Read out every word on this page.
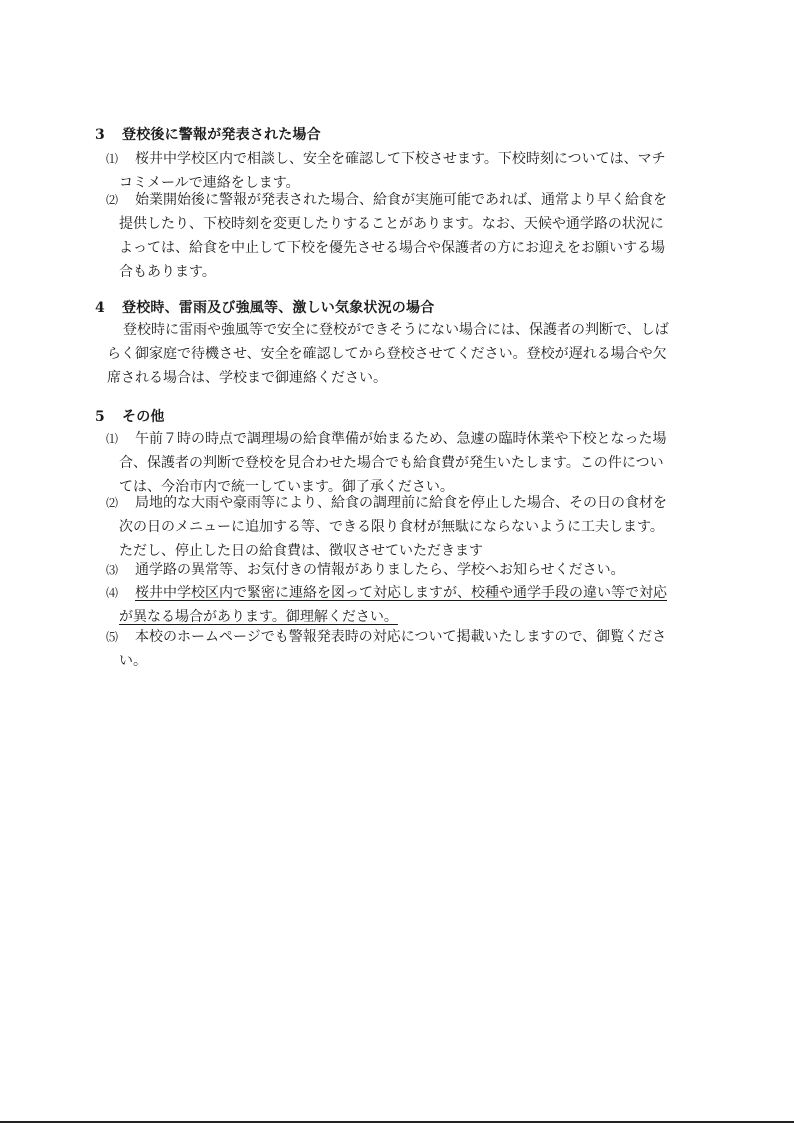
3 登校後に警報が発表された場合
⑴	桜井中学校区内で相談し、安全を確認して下校させます。下校時刻については、マチ
コミメールで連絡をします。
⑵	始業開始後に警報が発表された場合、給食が実施可能であれば、通常より早く給食を
提供したり、下校時刻を変更したりすることがあります。なお、天候や通学路の状況に
よっては、給食を中止して下校を優先させる場合や保護者の方にお迎えをお願いする場
合もあります。
4 登校時、雷雨及び強風等、激しい気象状況の場合
登校時に雷雨や強風等で安全に登校ができそうにない場合には、保護者の判断で、しば
らく御家庭で待機させ、安全を確認してから登校させてください。登校が遅れる場合や欠
席される場合は、学校まで御連絡ください。
5 その他
⑴	午前７時の時点で調理場の給食準備が始まるため、急遽の臨時休業や下校となった場
合、保護者の判断で登校を見合わせた場合でも給食費が発生いたします。この件につい
ては、今治市内で統一しています。御了承ください。
⑵	局地的な大雨や豪雨等により、給食の調理前に給食を停止した場合、その日の食材を
次の日のメニューに追加する等、できる限り食材が無駄にならないように工夫します。
ただし、停止した日の給食費は、徴収させていただきます
⑶	通学路の異常等、お気付きの情報がありましたら、学校へお知らせください。
⑷	桜井中学校区内で緊密に連絡を図って対応しますが、校種や通学手段の違い等で対応
が異なる場合があります。御理解ください。
⑸	本校のホームページでも警報発表時の対応について掲載いたしますので、御覧くださ
い。
